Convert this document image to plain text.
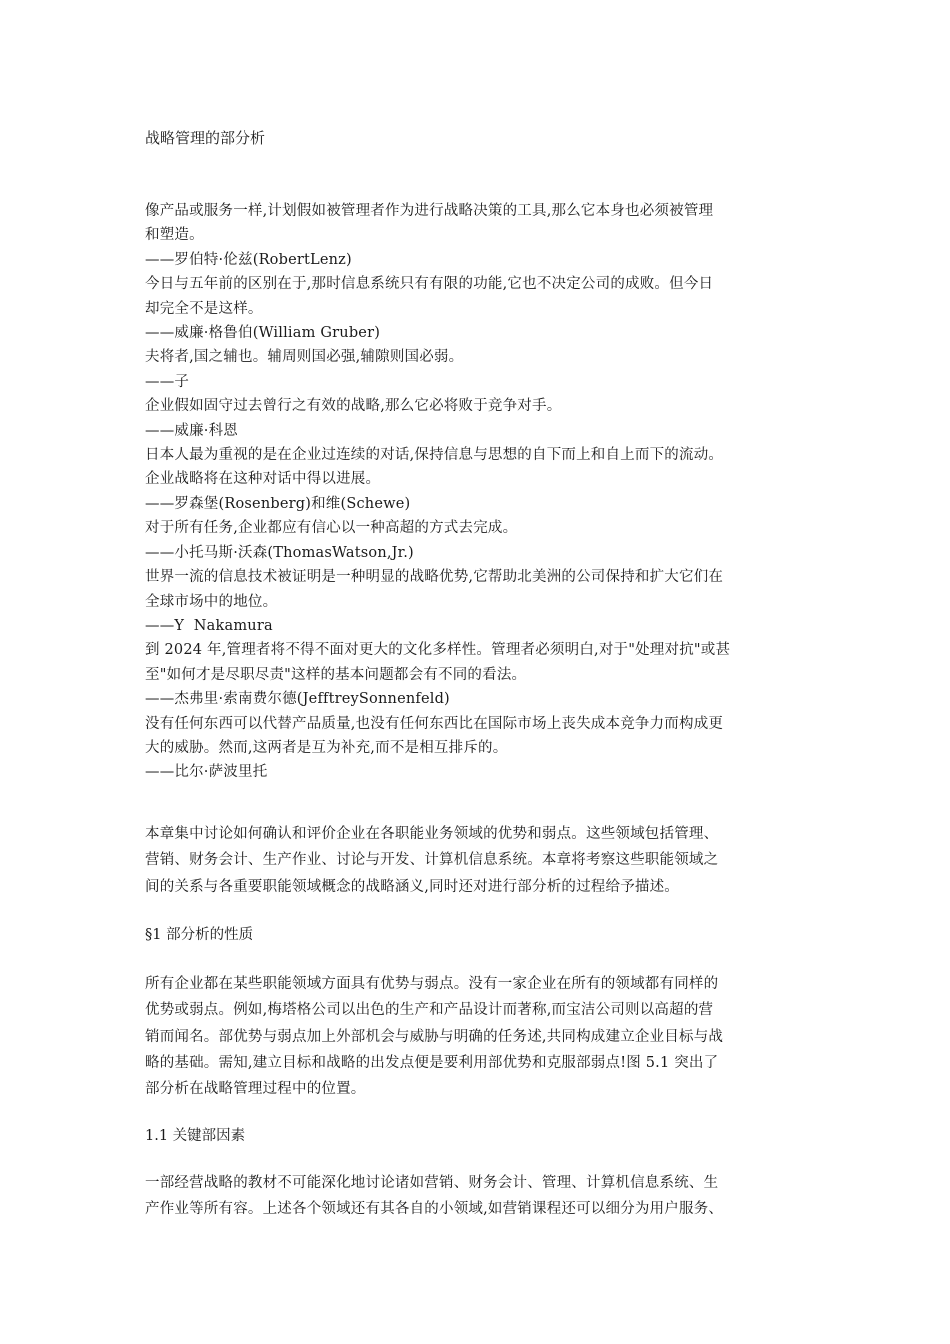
战略管理的部分析
像产品或服务一样,计划假如被管理者作为进行战略决策的工具,那么它本身也必须被管理
和塑造。
——罗伯特·伦兹(RobertLenz)
今日与五年前的区别在于,那时信息系统只有有限的功能,它也不决定公司的成败。但今日
却完全不是这样。
——威廉·格鲁伯(William Gruber)
夫将者,国之辅也。辅周则国必强,辅隙则国必弱。
——子
企业假如固守过去曾行之有效的战略,那么它必将败于竞争对手。
——威廉·科恩
日本人最为重视的是在企业过连续的对话,保持信息与思想的自下而上和自上而下的流动。
企业战略将在这种对话中得以进展。
——罗森堡(Rosenberg)和维(Schewe)
对于所有任务,企业都应有信心以一种高超的方式去完成。
——小托马斯·沃森(ThomasWatson,Jr.)
世界一流的信息技术被证明是一种明显的战略优势,它帮助北美洲的公司保持和扩大它们在
全球市场中的地位。
——Y  Nakamura
到 2024 年,管理者将不得不面对更大的文化多样性。管理者必须明白,对于"处理对抗"或甚
至"如何才是尽职尽责"这样的基本问题都会有不同的看法。
——杰弗里·索南费尔德(JefftreySonnenfeld)
没有任何东西可以代替产品质量,也没有任何东西比在国际市场上丧失成本竞争力而构成更
大的威胁。然而,这两者是互为补充,而不是相互排斥的。
——比尔·萨波里托
本章集中讨论如何确认和评价企业在各职能业务领域的优势和弱点。这些领域包括管理、
营销、财务会计、生产作业、讨论与开发、计算机信息系统。本章将考察这些职能领域之
间的关系与各重要职能领域概念的战略涵义,同时还对进行部分析的过程给予描述。
§1 部分析的性质
所有企业都在某些职能领域方面具有优势与弱点。没有一家企业在所有的领域都有同样的
优势或弱点。例如,梅塔格公司以出色的生产和产品设计而著称,而宝洁公司则以高超的营
销而闻名。部优势与弱点加上外部机会与威胁与明确的任务述,共同构成建立企业目标与战
略的基础。需知,建立目标和战略的出发点便是要利用部优势和克服部弱点!图 5.1 突出了
部分析在战略管理过程中的位置。
1.1 关键部因素
一部经营战略的教材不可能深化地讨论诸如营销、财务会计、管理、计算机信息系统、生
产作业等所有容。上述各个领域还有其各自的小领域,如营销课程还可以细分为用户服务、
